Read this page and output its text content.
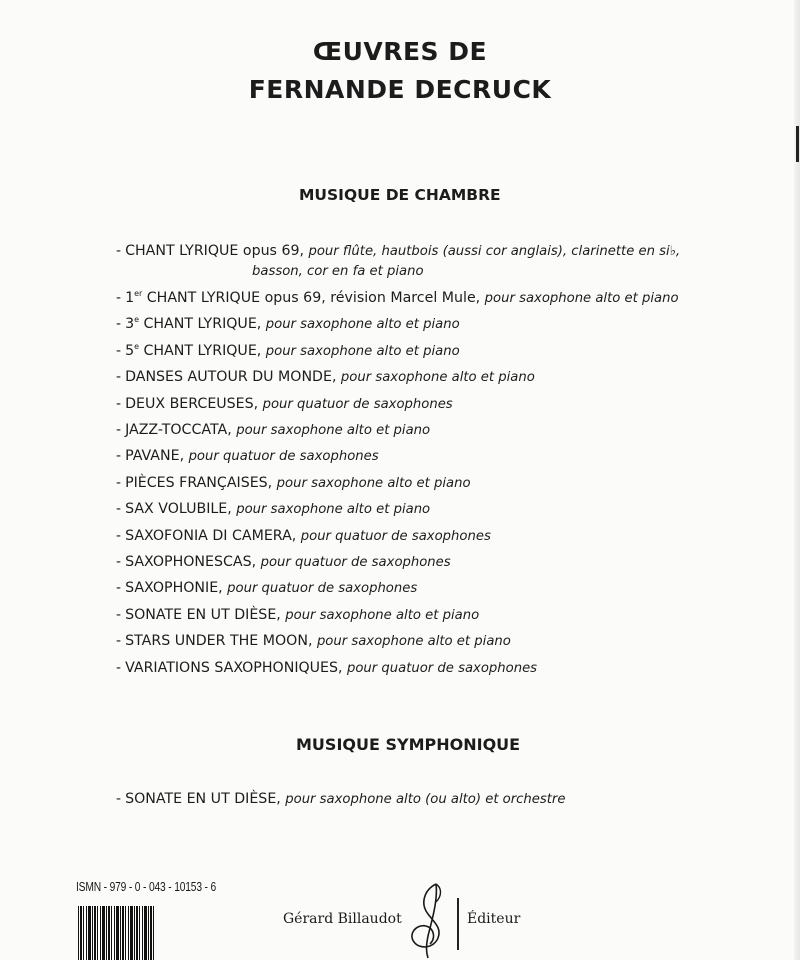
ŒUVRES DE
FERNANDE DECRUCK
MUSIQUE DE CHAMBRE
- CHANT LYRIQUE opus 69, pour flûte, hautbois (aussi cor anglais), clarinette en si♭,
- 1er CHANT LYRIQUE opus 69, révision Marcel Mule, pour saxophone alto et piano
- 3e CHANT LYRIQUE, pour saxophone alto et piano
- 5e CHANT LYRIQUE, pour saxophone alto et piano
- DANSES AUTOUR DU MONDE, pour saxophone alto et piano
- DEUX BERCEUSES, pour quatuor de saxophones
- JAZZ-TOCCATA, pour saxophone alto et piano
- PAVANE, pour quatuor de saxophones
- PIÈCES FRANÇAISES, pour saxophone alto et piano
- SAX VOLUBILE, pour saxophone alto et piano
- SAXOFONIA DI CAMERA, pour quatuor de saxophones
- SAXOPHONESCAS, pour quatuor de saxophones
- SAXOPHONIE, pour quatuor de saxophones
- SONATE EN UT DIÈSE, pour saxophone alto et piano
- STARS UNDER THE MOON, pour saxophone alto et piano
- VARIATIONS SAXOPHONIQUES, pour quatuor de saxophones
basson, cor en fa et piano
MUSIQUE SYMPHONIQUE
- SONATE EN UT DIÈSE, pour saxophone alto (ou alto) et orchestre
ISMN - 979 - 0 - 043 - 10153 - 6
Gérard Billaudot	Éditeur
